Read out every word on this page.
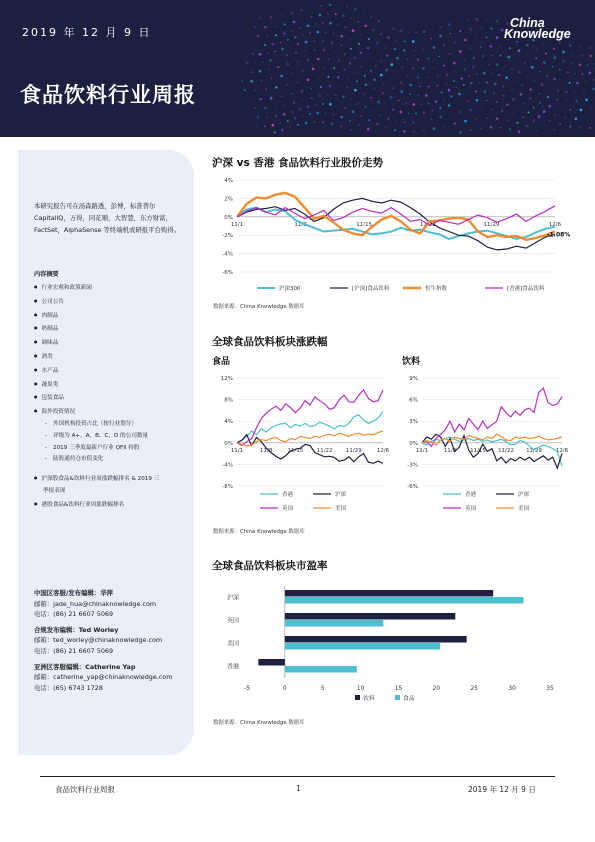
2019 年 12 月 9 日
食品饮料行业周报
China
Knowledge
本研究报告可在汤森路透，彭博，标准普尔 CapitalIQ，万得，同花顺，大智慧，东方财富，FactSet，AlphaSense 等终端机或研报平台购得。
内容摘要
● 行业宏观和政策新闻
● 公司公告
● 肉制品
● 奶制品
● 调味品
● 酒类
● 水产品
● 蔬果类
● 包装食品
● 海外投资情况
- 外国机构投资占比（按行业划分）
- 评级为 A+、A、B、C、D 的公司数量
- 2019 三季度最新户行业 QFII 持股
- 陆股通持仓市值变化
● 沪深股食品&饮料行业周涨跌幅排名 & 2019 三
季报表现
● 港股食品&饮料行业周涨跌幅排名
中国区客服/发布编辑：华萍
邮箱：jade_hua@chinaknowledge.com
电话：(86) 21 6607 5069
合规发布编辑：Ted Worley
邮箱：ted_worley@chinaknowledge.com
电话：(86) 21 6607 5069
亚洲区客服编辑：Catherine Yap
邮箱：catherine_yap@chinaknowledge.com
电话：(65) 6743 1728
沪深 vs 香港 食品饮料行业股价走势
4%
2%
0%
-2%
-4%
-6%
11/1	11/8	11/15	11/22	11/29	12/6
沪深300	[沪深]食品饮料	恒生指数	[香港]食品饮料
-1.08%
数据来源：China Knowledge 数据库
全球食品饮料板块涨跌幅
食品	饮料
12%
8%
4%
0%
-4%
-8%
11/1	11/8	11/15 11/22 11/29	12/6
香港	沪深
英国	美国
9%
6%
3%
0%
-3%
-6%
11/1	11/8	11/15 11/22 11/29	12/6
香港	沪深
英国	美国
数据来源：China Knowledge 数据库
全球食品饮料板块市盈率
-5	0	5	10	15	20	25	30	35
沪深
英国
美国
香港
饮料	食品
数据来源：China Knowledge 数据库
食品饮料行业周报	1	2019 年 12 月 9 日
